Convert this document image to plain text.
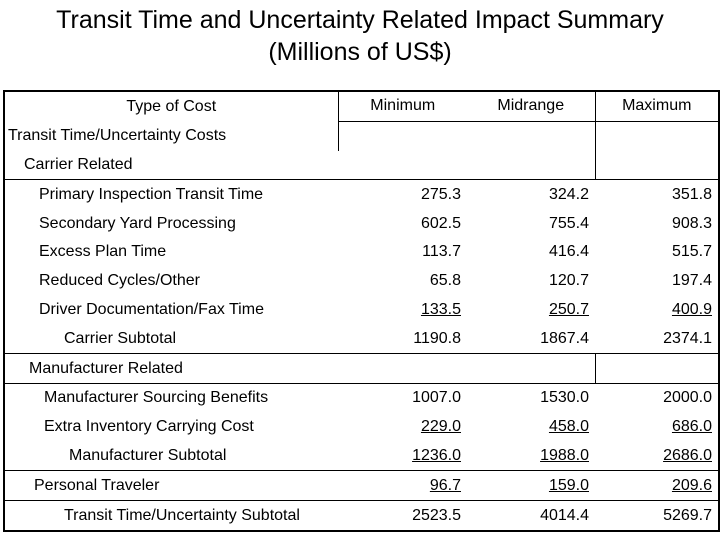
Transit Time and Uncertainty Related Impact Summary
(Millions of US$)
Type of Cost	Minimum	Midrange	Maximum
Transit Time/Uncertainty Costs			
Carrier Related			
Primary Inspection Transit Time	275.3	324.2	351.8
Secondary Yard Processing	602.5	755.4	908.3
Excess Plan Time	113.7	416.4	515.7
Reduced Cycles/Other	65.8	120.7	197.4
Driver Documentation/Fax Time	133.5	250.7	400.9
Carrier Subtotal	1190.8	1867.4	2374.1
Manufacturer Related			
Manufacturer Sourcing Benefits	1007.0	1530.0	2000.0
Extra Inventory Carrying Cost	229.0	458.0	686.0
Manufacturer Subtotal	1236.0	1988.0	2686.0
Personal Traveler	96.7	159.0	209.6
Transit Time/Uncertainty Subtotal	2523.5	4014.4	5269.7
